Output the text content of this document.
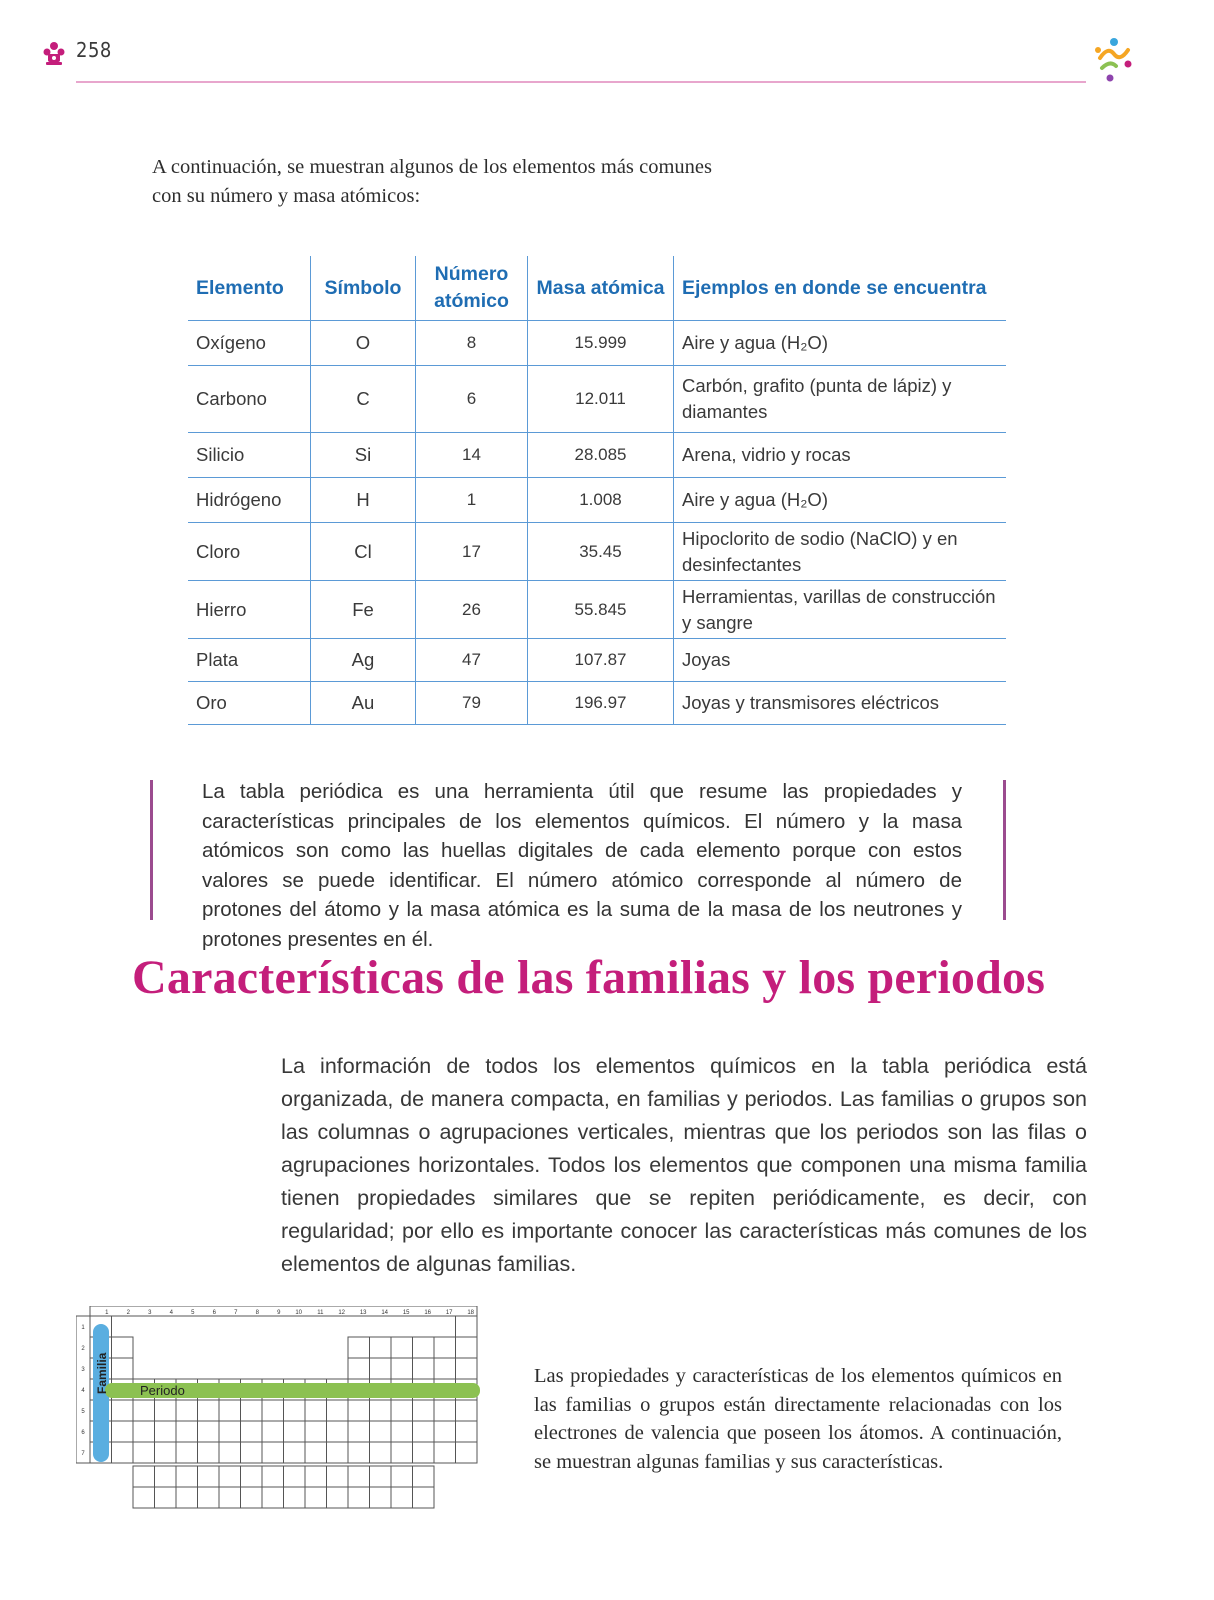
258
A continuación, se muestran algunos de los elementos más comunes con su número y masa atómicos:
Elemento	Símbolo	Número atómico	Masa atómica	Ejemplos en donde se encuentra
Oxígeno	O	8	15.999	Aire y agua (H₂O)
Carbono	C	6	12.011	Carbón, grafito (punta de lápiz) y diamantes
Silicio	Si	14	28.085	Arena, vidrio y rocas
Hidrógeno	H	1	1.008	Aire y agua (H₂O)
Cloro	Cl	17	35.45	Hipoclorito de sodio (NaClO) y en desinfectantes
Hierro	Fe	26	55.845	Herramientas, varillas de construcción y sangre
Plata	Ag	47	107.87	Joyas
Oro	Au	79	196.97	Joyas y transmisores eléctricos
La tabla periódica es una herramienta útil que resume las propiedades y características principales de los elementos químicos. El número y la masa atómicos son como las huellas digitales de cada elemento porque con estos valores se puede identificar. El número atómico corresponde al número de protones del átomo y la masa atómica es la suma de la masa de los neutrones y protones presentes en él.
Características de las familias y los periodos
La información de todos los elementos químicos en la tabla periódica está organizada, de manera compacta, en familias y periodos. Las familias o grupos son las columnas o agrupaciones verticales, mientras que los periodos son las filas o agrupaciones horizontales. Todos los elementos que componen una misma familia tienen propiedades similares que se repiten periódicamente, es decir, con regularidad; por ello es importante conocer las características más comunes de los elementos de algunas familias.
1	2	3	4	5	6	7	8	9 10	11 12 13 14 15 16 17 18
1
2
3
4
5
6
7
Familia Periodo
Las propiedades y características de los elementos químicos en las familias o grupos están directamente relacionadas con los electrones de valencia que poseen los átomos. A continuación, se muestran algunas familias y sus características.
